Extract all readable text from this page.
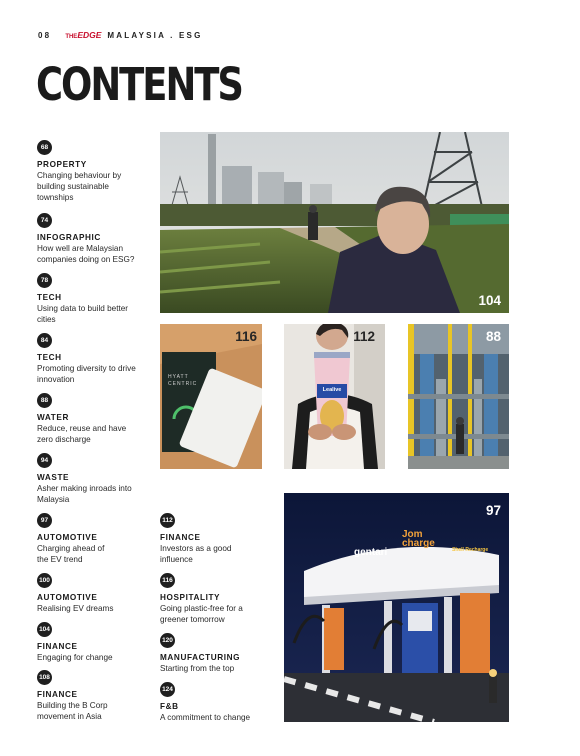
08 THE EDGE MALAYSIA . ESG
CONTENTS
68
PROPERTY
Changing behaviour by
building sustainable
townships
74
INFOGRAPHIC
How well are Malaysian
companies doing on ESG?
78
TECH
Using data to build better
cities
84
TECH
Promoting diversity to drive
innovation
88
WATER
Reduce, reuse and have
zero discharge
94
WASTE
Asher making inroads into
Malaysia
97
AUTOMOTIVE
Charging ahead of
the EV trend
100
AUTOMOTIVE
Realising EV dreams
104
FINANCE
Engaging for change
108
FINANCE
Building the B Corp
movement in Asia
112
FINANCE
Investors as a good
influence
116
HOSPITALITY
Going plastic-free for a
greener tomorrow
120
MANUFACTURING
Starting from the top
124
F&B
A commitment to change
104
HYATT
CENTRIC
116
Lealive
112	88
gentari
Jom charge
Shell Recharge
97
